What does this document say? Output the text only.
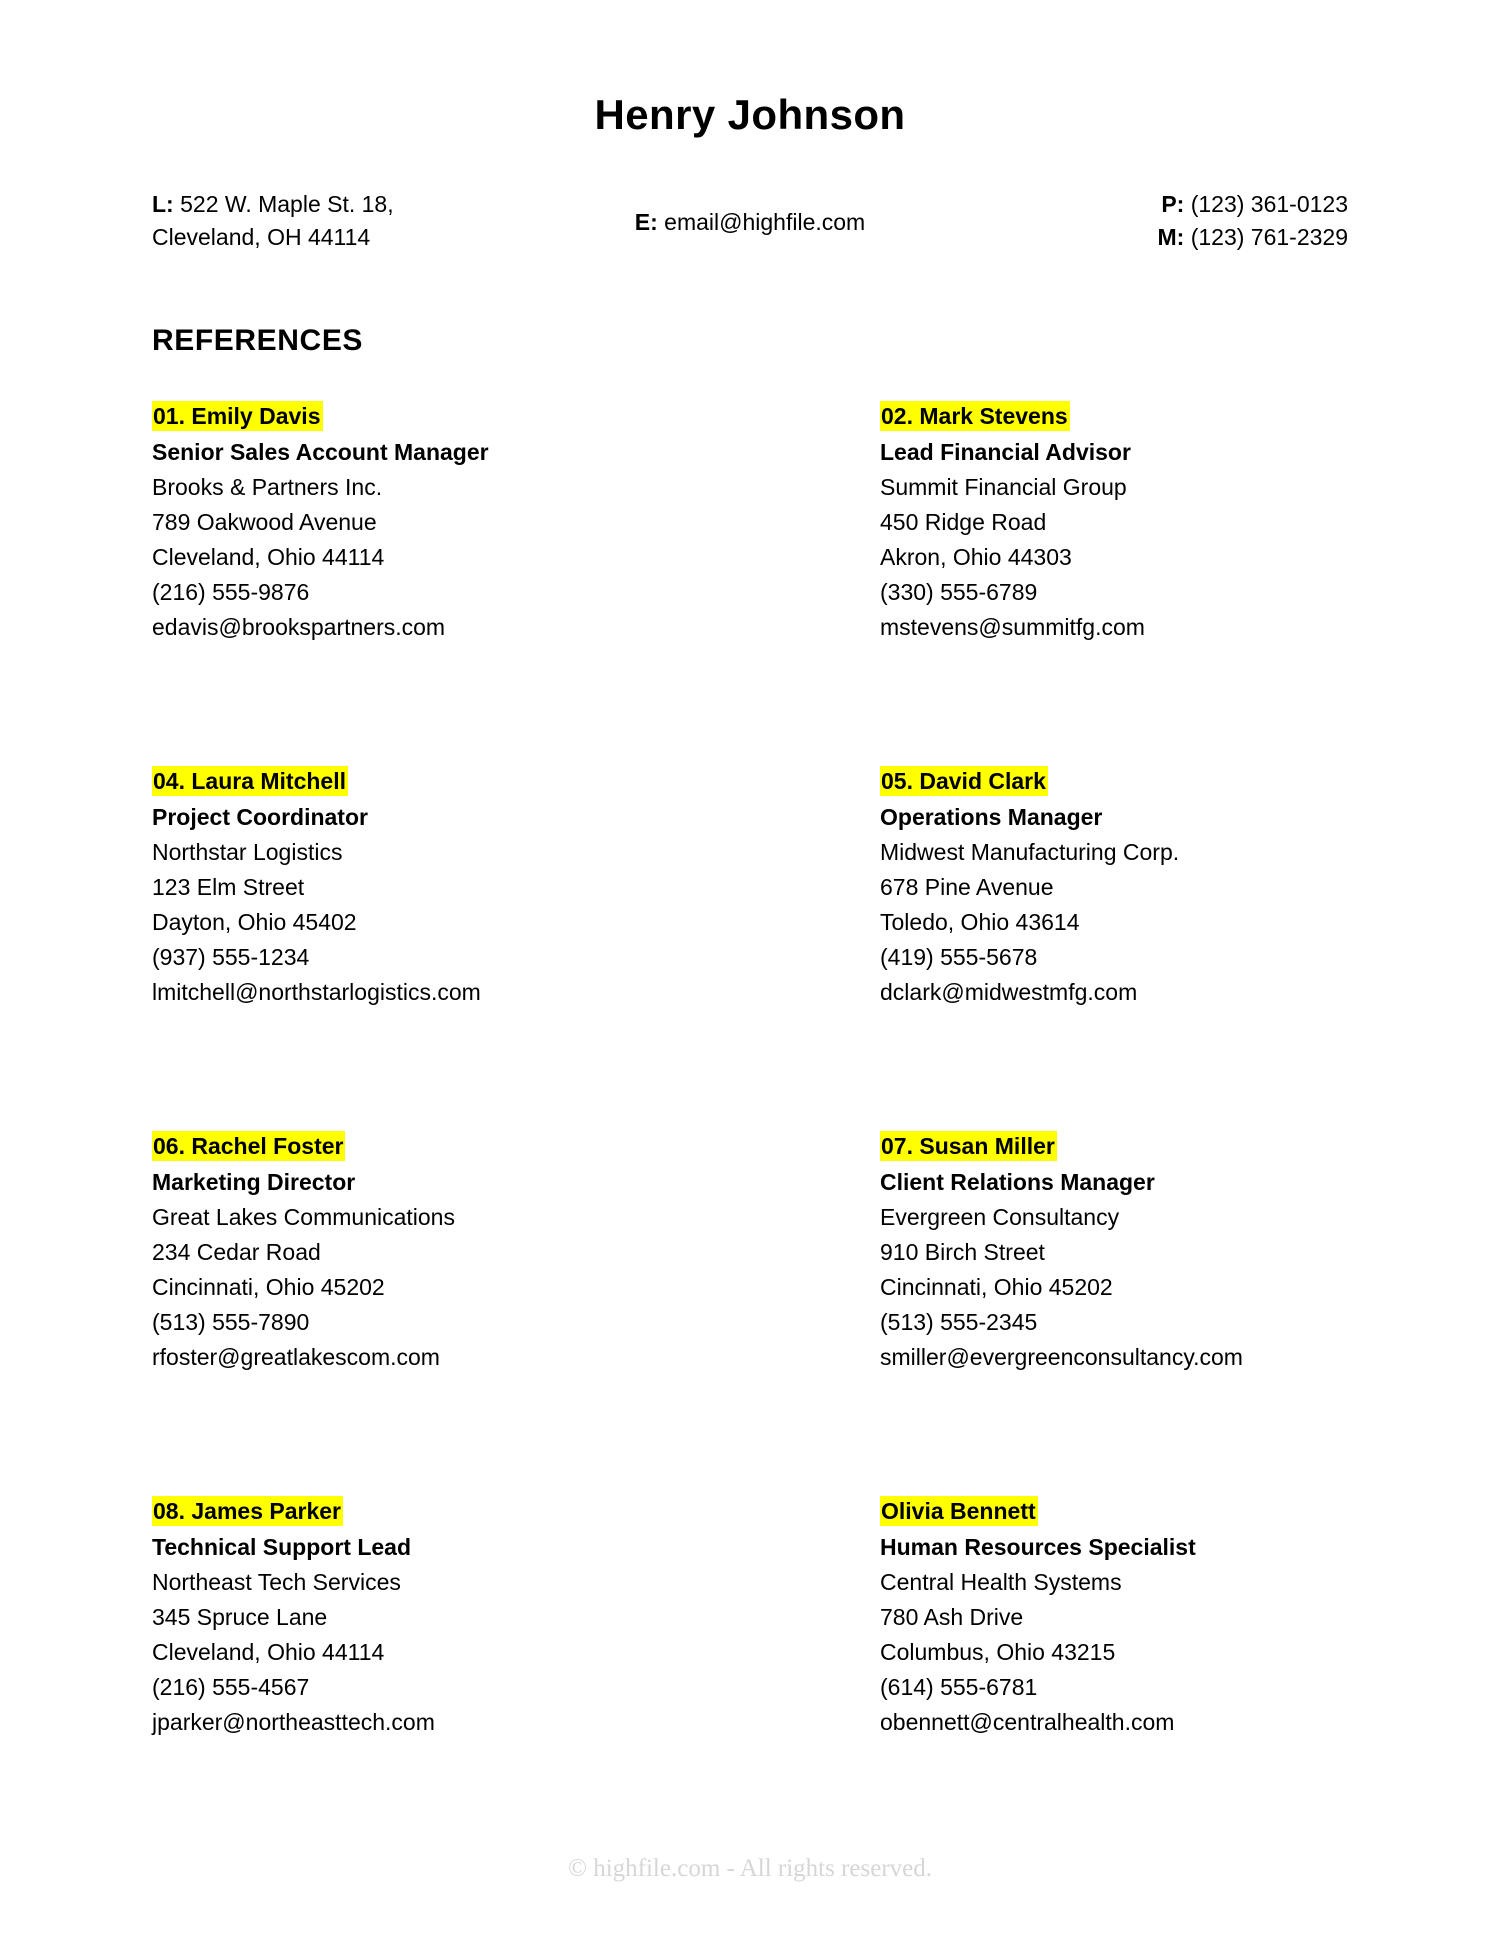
Henry Johnson
L: 522 W. Maple St. 18,
Cleveland, OH 44114
E: email@highfile.com
P: (123) 361-0123
M: (123) 761-2329
REFERENCES
01. Emily Davis
Senior Sales Account Manager
Brooks & Partners Inc.
789 Oakwood Avenue
Cleveland, Ohio 44114
(216) 555-9876
edavis@brookspartners.com
02. Mark Stevens
Lead Financial Advisor
Summit Financial Group
450 Ridge Road
Akron, Ohio 44303
(330) 555-6789
mstevens@summitfg.com
04. Laura Mitchell
Project Coordinator
Northstar Logistics
123 Elm Street
Dayton, Ohio 45402
(937) 555-1234
lmitchell@northstarlogistics.com
05. David Clark
Operations Manager
Midwest Manufacturing Corp.
678 Pine Avenue
Toledo, Ohio 43614
(419) 555-5678
dclark@midwestmfg.com
06. Rachel Foster
Marketing Director
Great Lakes Communications
234 Cedar Road
Cincinnati, Ohio 45202
(513) 555-7890
rfoster@greatlakescom.com
07. Susan Miller
Client Relations Manager
Evergreen Consultancy
910 Birch Street
Cincinnati, Ohio 45202
(513) 555-2345
smiller@evergreenconsultancy.com
08. James Parker
Technical Support Lead
Northeast Tech Services
345 Spruce Lane
Cleveland, Ohio 44114
(216) 555-4567
jparker@northeasttech.com
Olivia Bennett
Human Resources Specialist
Central Health Systems
780 Ash Drive
Columbus, Ohio 43215
(614) 555-6781
obennett@centralhealth.com
© highfile.com - All rights reserved.
